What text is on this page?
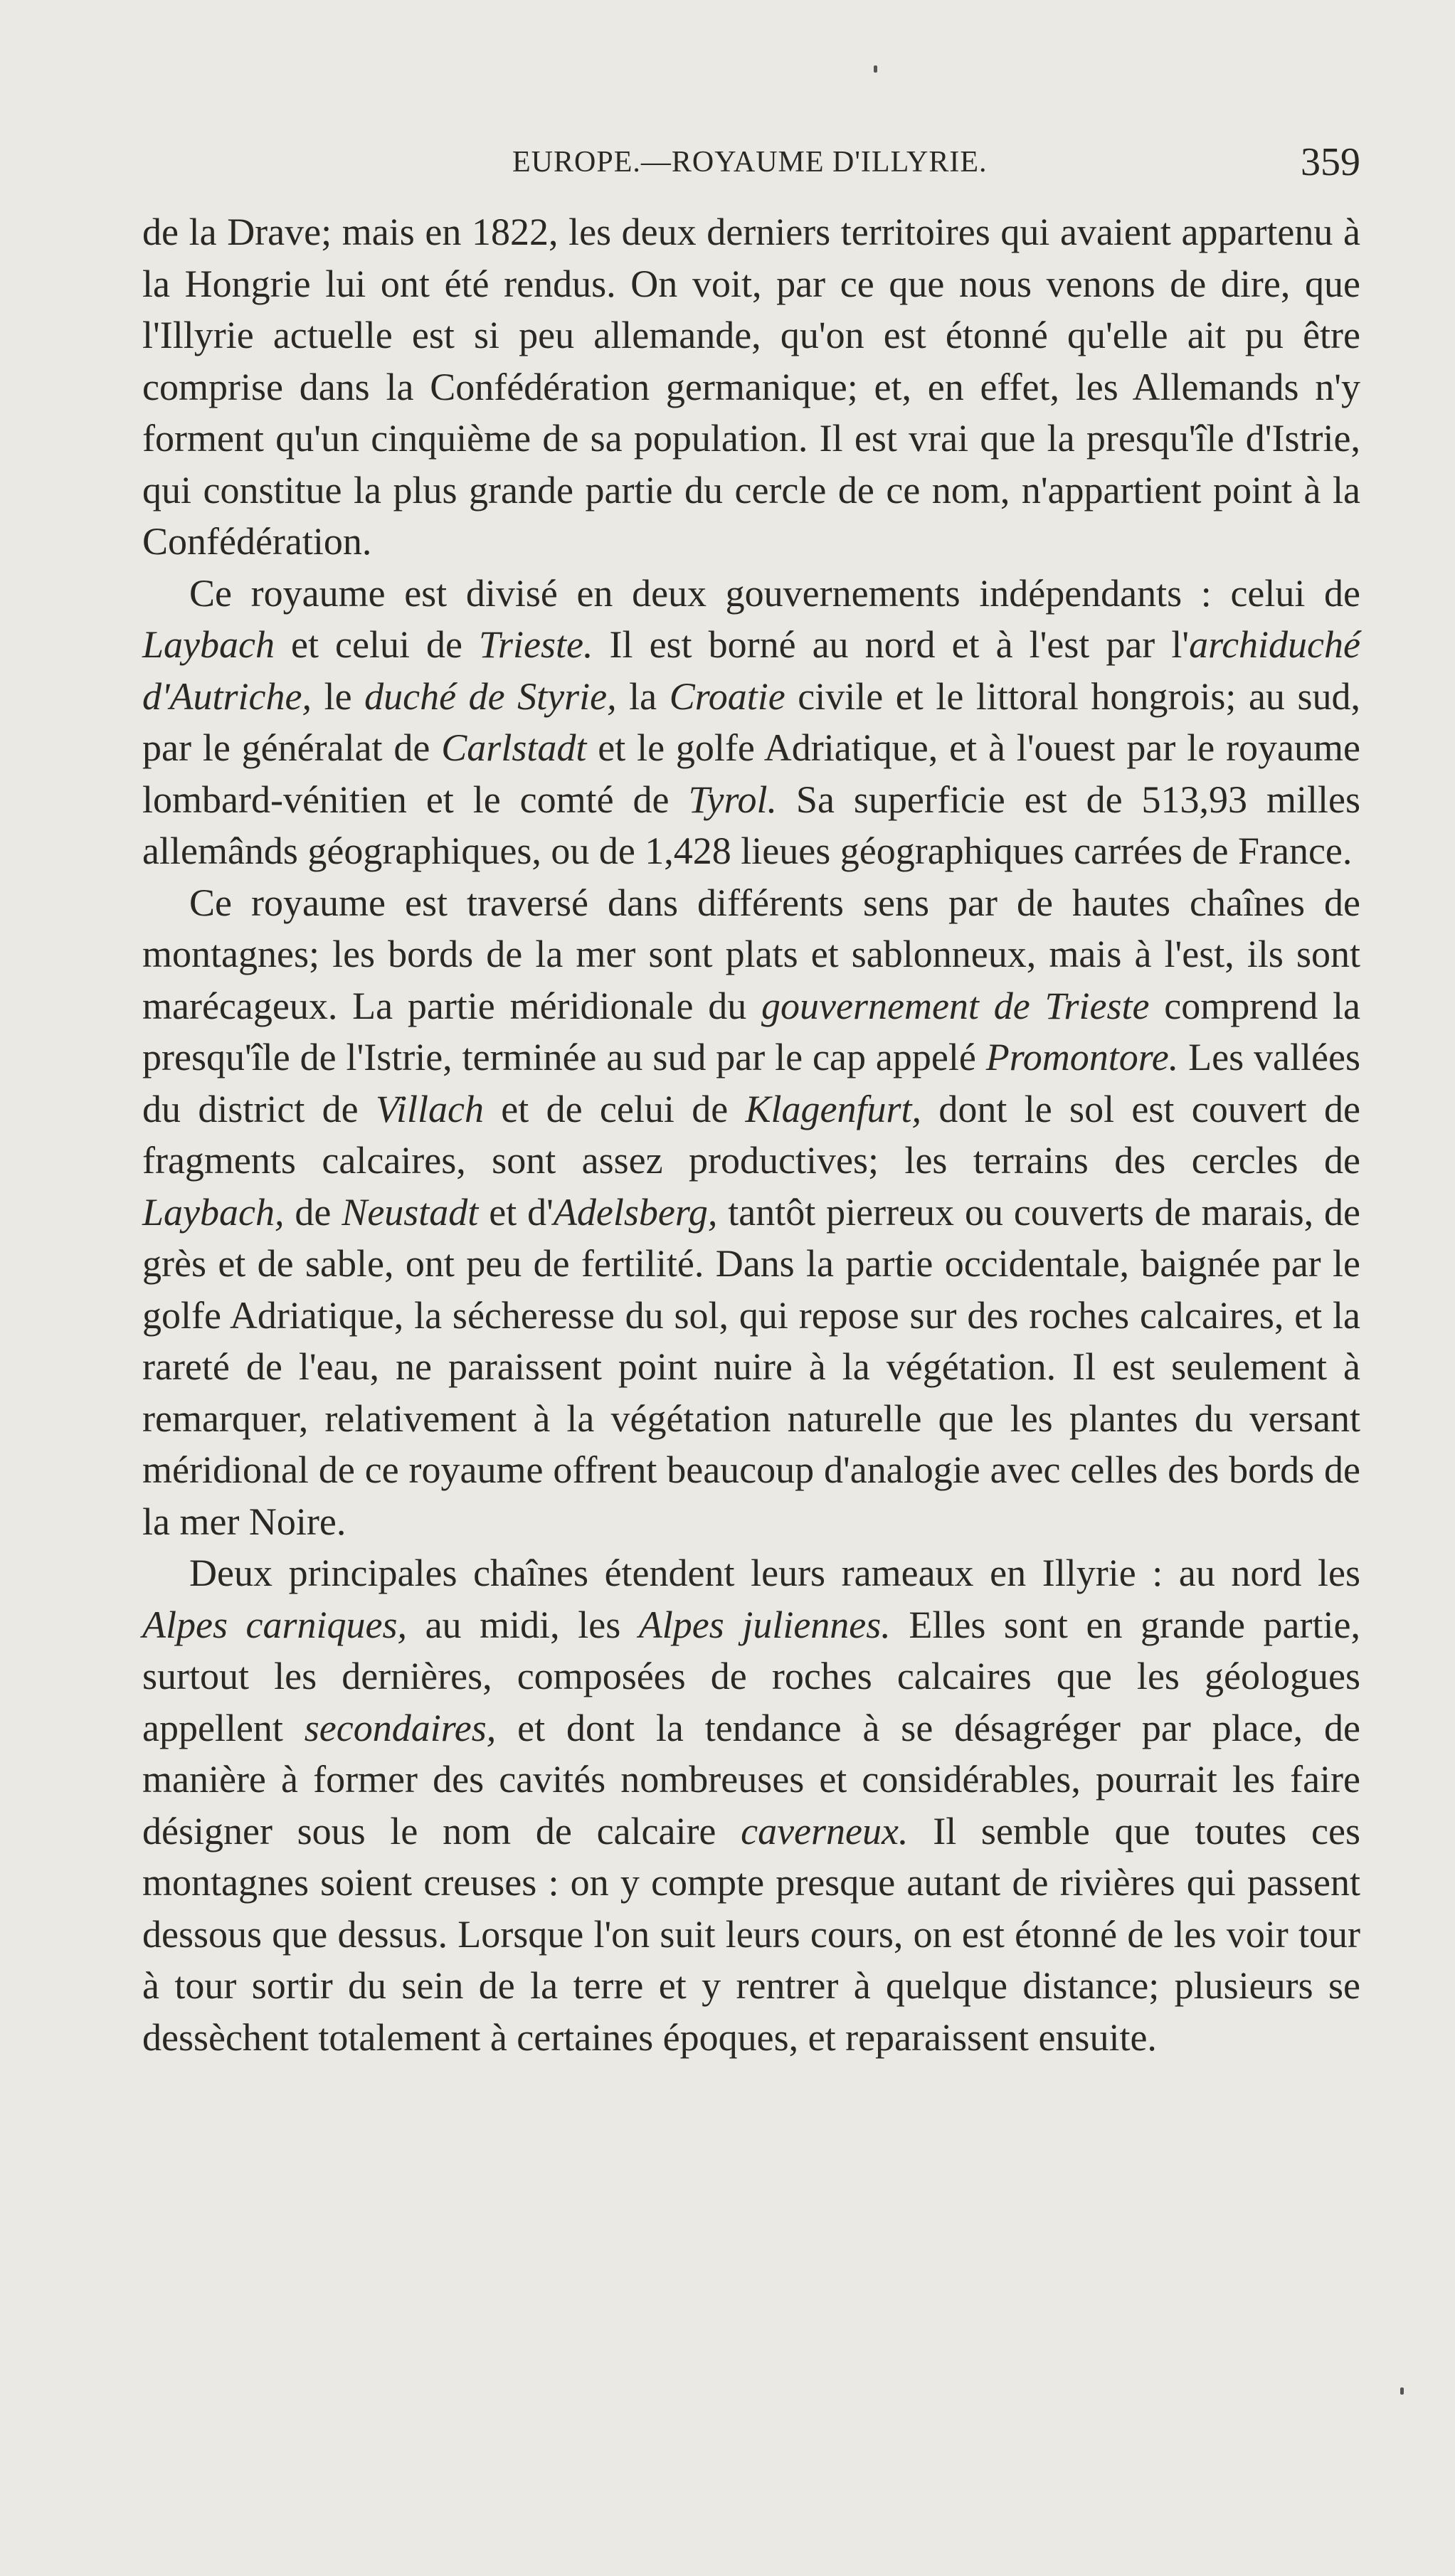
EUROPE.—ROYAUME D'ILLYRIE.	359

de la Drave; mais en 1822, les deux derniers territoires qui avaient appartenu à la Hongrie lui ont été rendus. On voit, par ce que nous venons de dire, que l'Illyrie actuelle est si peu allemande, qu'on est étonné qu'elle ait pu être comprise dans la Confédération germanique; et, en effet, les Allemands n'y forment qu'un cinquième de sa population. Il est vrai que la presqu'île d'Istrie, qui constitue la plus grande partie du cercle de ce nom, n'appartient point à la Confédération.

Ce royaume est divisé en deux gouvernements indépendants : celui de Laybach et celui de Trieste. Il est borné au nord et à l'est par l'archiduché d'Autriche, le duché de Styrie, la Croatie civile et le littoral hongrois; au sud, par le généralat de Carlstadt et le golfe Adriatique, et à l'ouest par le royaume lombard-vénitien et le comté de Tyrol. Sa superficie est de 513,93 milles allemânds géographiques, ou de 1,428 lieues géographiques carrées de France.

Ce royaume est traversé dans différents sens par de hautes chaînes de montagnes; les bords de la mer sont plats et sablonneux, mais à l'est, ils sont marécageux. La partie méridionale du gouvernement de Trieste comprend la presqu'île de l'Istrie, terminée au sud par le cap appelé Promontore. Les vallées du district de Villach et de celui de Klagenfurt, dont le sol est couvert de fragments calcaires, sont assez productives; les terrains des cercles de Laybach, de Neustadt et d'Adelsberg, tantôt pierreux ou couverts de marais, de grès et de sable, ont peu de fertilité. Dans la partie occidentale, baignée par le golfe Adriatique, la sécheresse du sol, qui repose sur des roches calcaires, et la rareté de l'eau, ne paraissent point nuire à la végétation. Il est seulement à remarquer, relativement à la végétation naturelle que les plantes du versant méridional de ce royaume offrent beaucoup d'analogie avec celles des bords de la mer Noire.

Deux principales chaînes étendent leurs rameaux en Illyrie : au nord les Alpes carniques, au midi, les Alpes juliennes. Elles sont en grande partie, surtout les dernières, composées de roches calcaires que les géologues appellent secondaires, et dont la tendance à se désagréger par place, de manière à former des cavités nombreuses et considérables, pourrait les faire désigner sous le nom de calcaire caverneux. Il semble que toutes ces montagnes soient creuses : on y compte presque autant de rivières qui passent dessous que dessus. Lorsque l'on suit leurs cours, on est étonné de les voir tour à tour sortir du sein de la terre et y rentrer à quelque distance; plusieurs se dessèchent totalement à certaines époques, et reparaissent ensuite.
